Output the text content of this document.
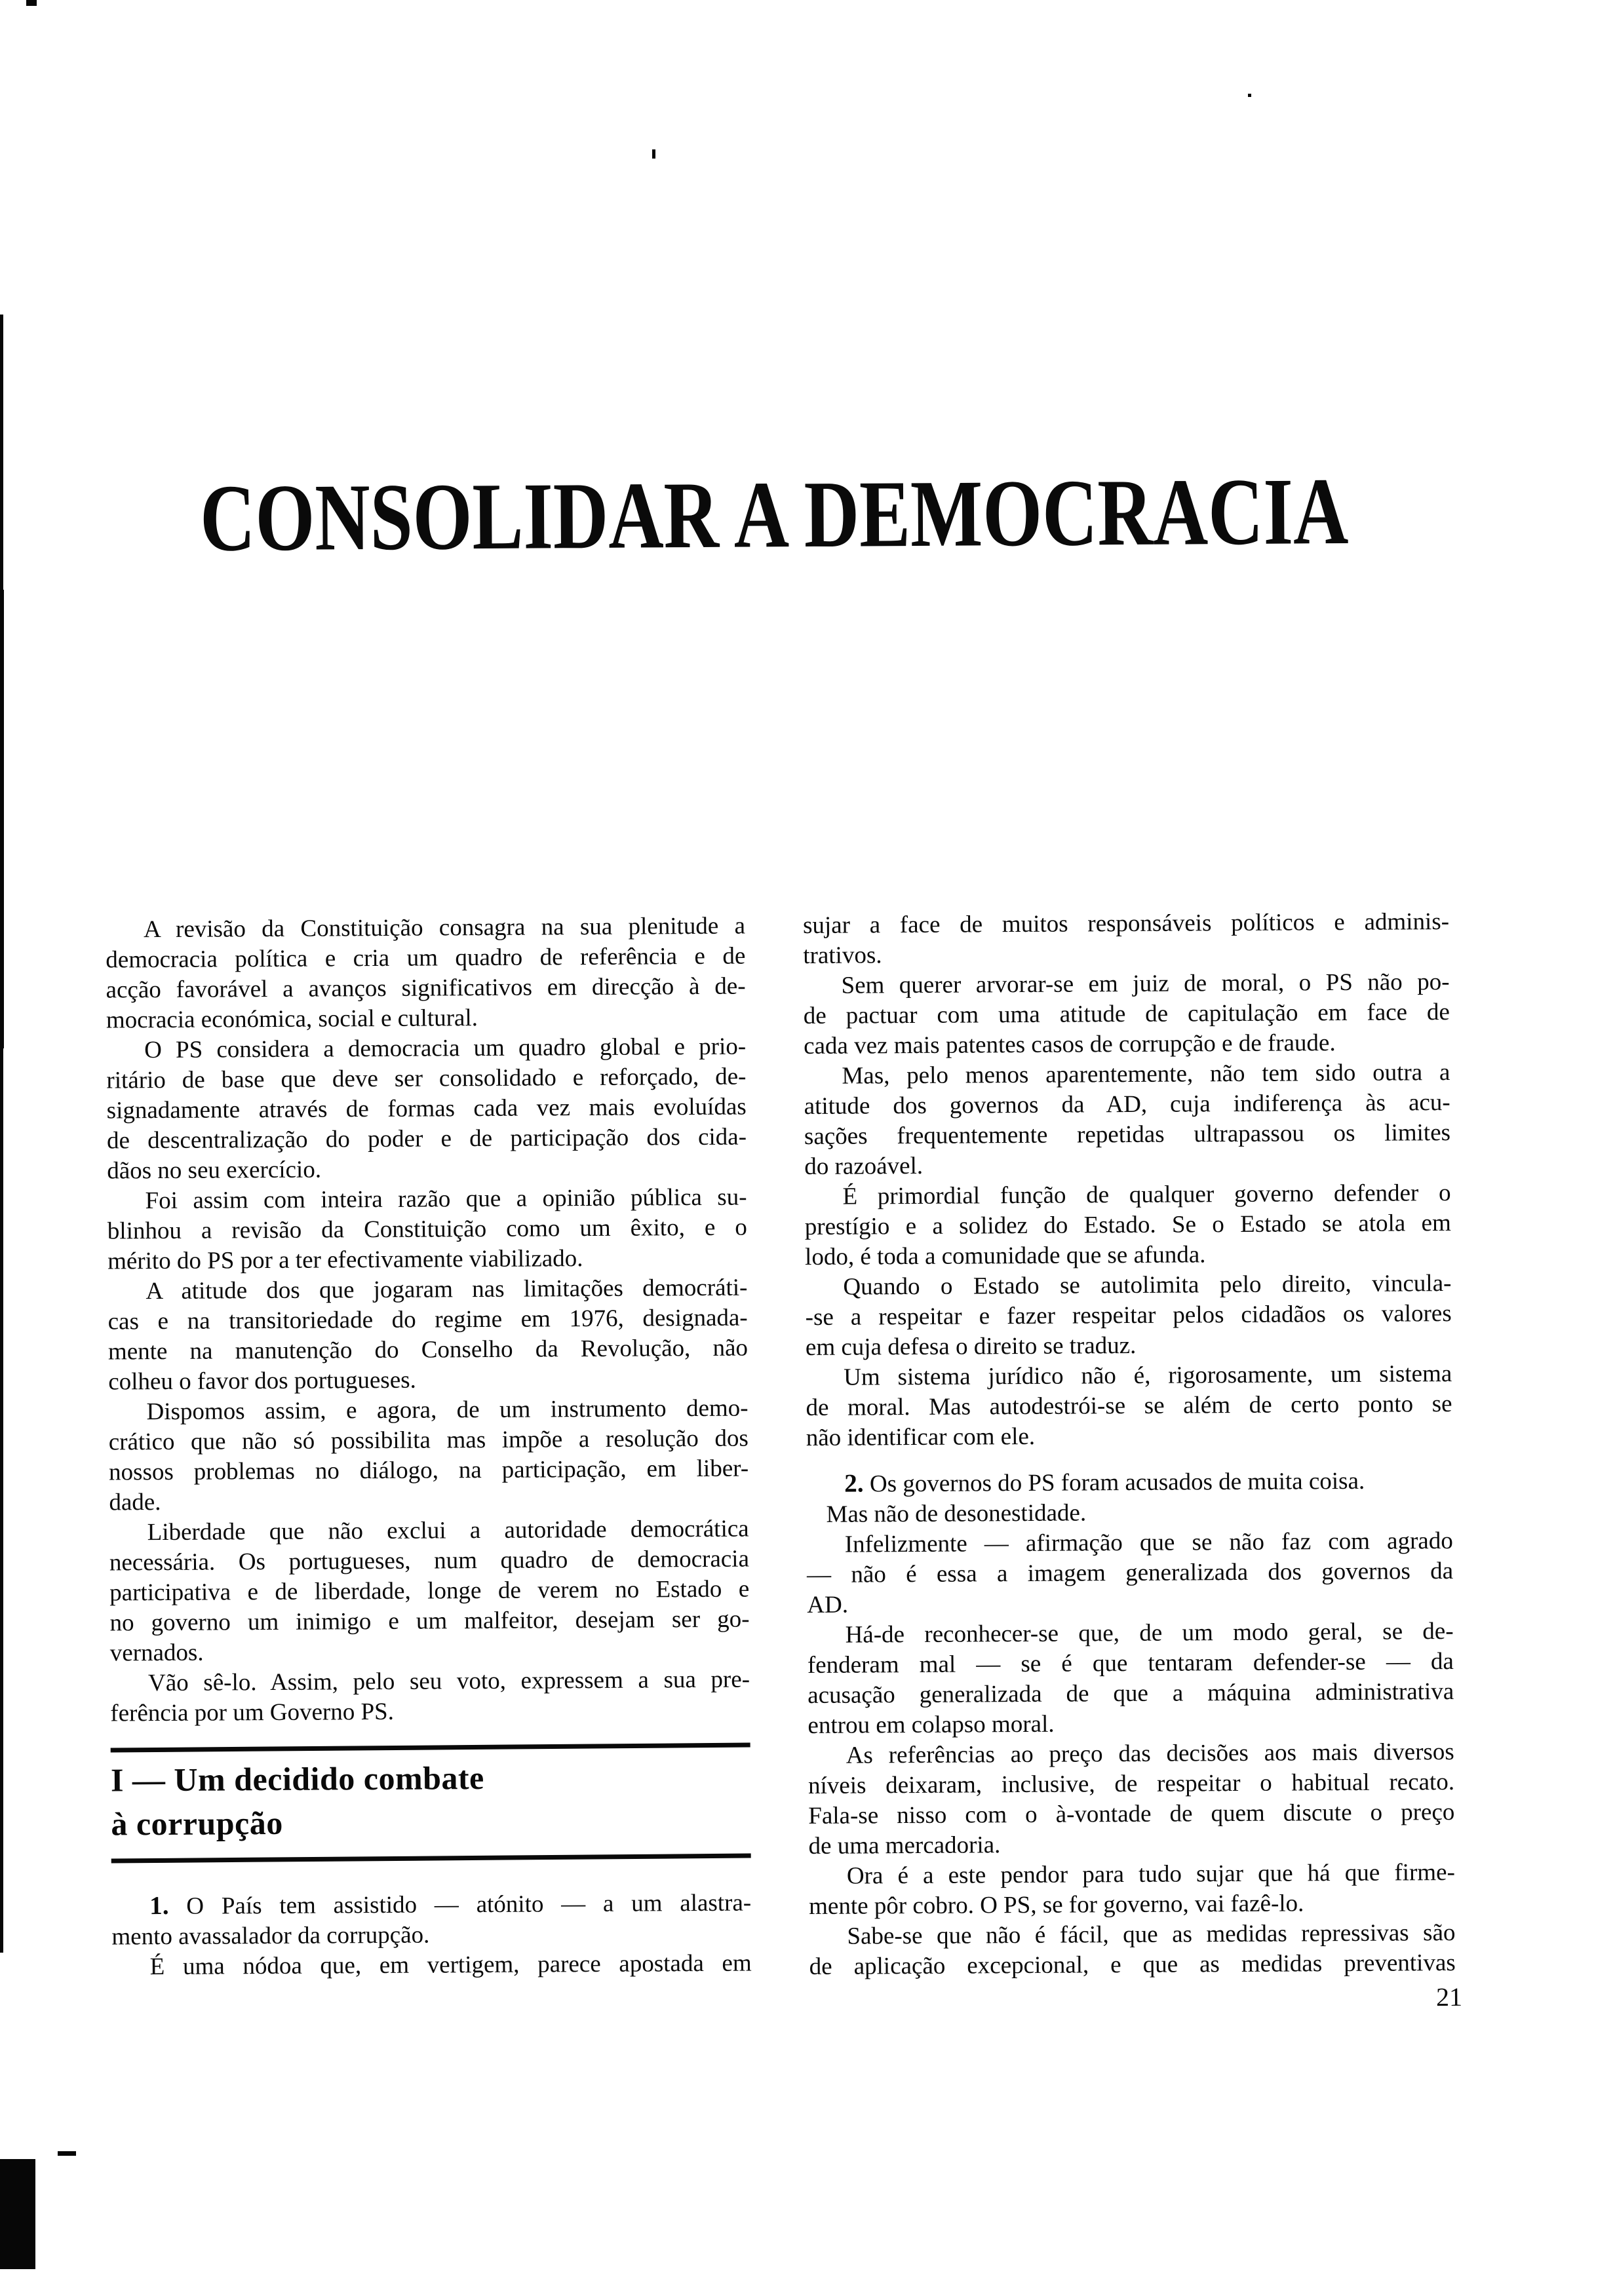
CONSOLIDAR A DEMOCRACIA
A revisão da Constituição consagra na sua plenitude a
democracia política e cria um quadro de referência e de
acção favorável a avanços significativos em direcção à de-
mocracia económica, social e cultural.
O PS considera a democracia um quadro global e prio-
ritário de base que deve ser consolidado e reforçado, de-
signadamente através de formas cada vez mais evoluídas
de descentralização do poder e de participação dos cida-
dãos no seu exercício.
Foi assim com inteira razão que a opinião pública su-
blinhou a revisão da Constituição como um êxito, e o
mérito do PS por a ter efectivamente viabilizado.
A atitude dos que jogaram nas limitações democráti-
cas e na transitoriedade do regime em 1976, designada-
mente na manutenção do Conselho da Revolução, não
colheu o favor dos portugueses.
Dispomos assim, e agora, de um instrumento demo-
crático que não só possibilita mas impõe a resolução dos
nossos problemas no diálogo, na participação, em liber-
dade.
Liberdade que não exclui a autoridade democrática
necessária. Os portugueses, num quadro de democracia
participativa e de liberdade, longe de verem no Estado e
no governo um inimigo e um malfeitor, desejam ser go-
vernados.
Vão sê-lo. Assim, pelo seu voto, expressem a sua pre-
ferência por um Governo PS.
I — Um decidido combate
à corrupção
1. O País tem assistido — atónito — a um alastra-
mento avassalador da corrupção.
É uma nódoa que, em vertigem, parece apostada em
sujar a face de muitos responsáveis políticos e adminis-
trativos.
Sem querer arvorar-se em juiz de moral, o PS não po-
de pactuar com uma atitude de capitulação em face de
cada vez mais patentes casos de corrupção e de fraude.
Mas, pelo menos aparentemente, não tem sido outra a
atitude dos governos da AD, cuja indiferença às acu-
sações frequentemente repetidas ultrapassou os limites
do razoável.
É primordial função de qualquer governo defender o
prestígio e a solidez do Estado. Se o Estado se atola em
lodo, é toda a comunidade que se afunda.
Quando o Estado se autolimita pelo direito, vincula-
-se a respeitar e fazer respeitar pelos cidadãos os valores
em cuja defesa o direito se traduz.
Um sistema jurídico não é, rigorosamente, um sistema
de moral. Mas autodestrói-se se além de certo ponto se
não identificar com ele.
2. Os governos do PS foram acusados de muita coisa.
Mas não de desonestidade.
Infelizmente — afirmação que se não faz com agrado
— não é essa a imagem generalizada dos governos da
AD.
Há-de reconhecer-se que, de um modo geral, se de-
fenderam mal — se é que tentaram defender-se — da
acusação generalizada de que a máquina administrativa
entrou em colapso moral.
As referências ao preço das decisões aos mais diversos
níveis deixaram, inclusive, de respeitar o habitual recato.
Fala-se nisso com o à-vontade de quem discute o preço
de uma mercadoria.
Ora é a este pendor para tudo sujar que há que firme-
mente pôr cobro. O PS, se for governo, vai fazê-lo.
Sabe-se que não é fácil, que as medidas repressivas são
de aplicação excepcional, e que as medidas preventivas
21
